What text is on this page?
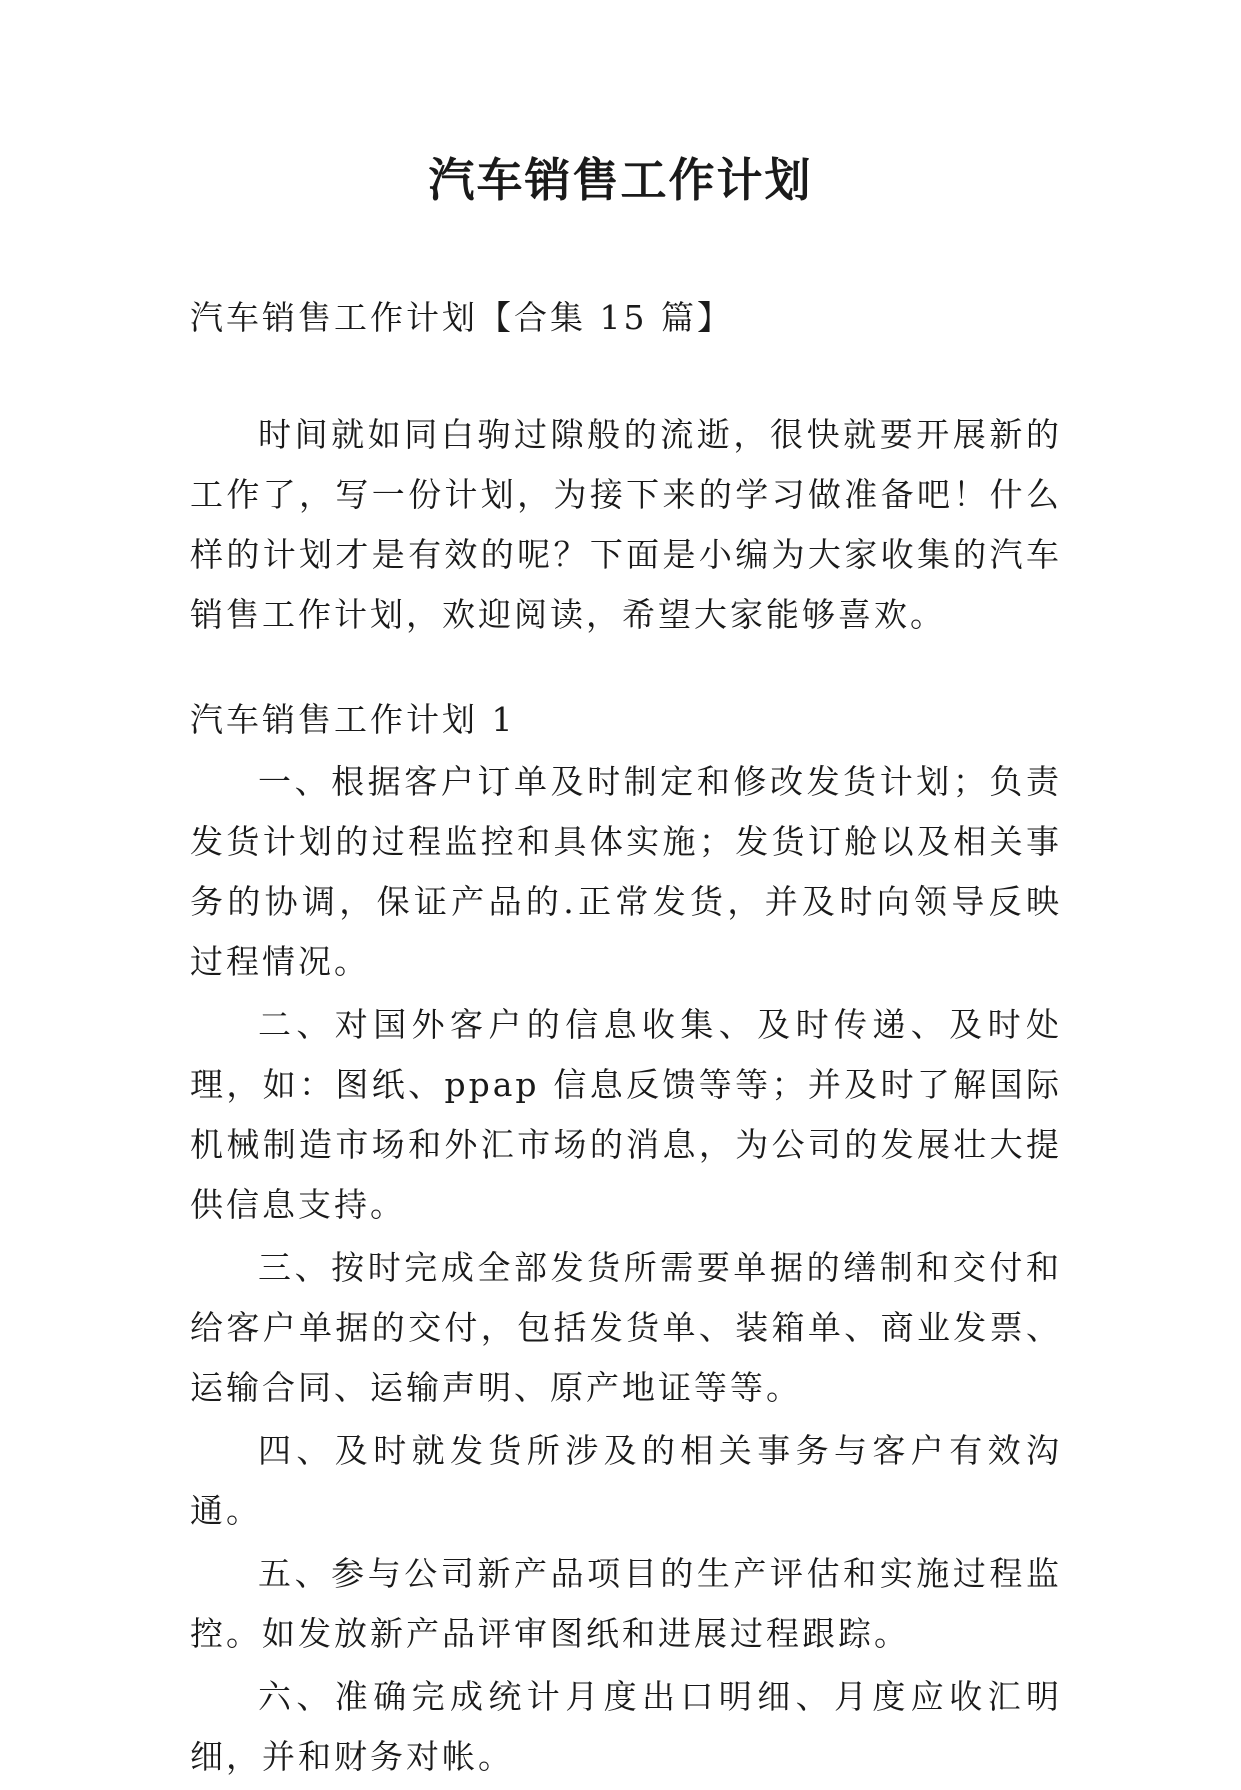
汽车销售工作计划
汽车销售工作计划【合集 15 篇】

时间就如同白驹过隙般的流逝，很快就要开展新的工作了，写一份计划，为接下来的学习做准备吧！什么样的计划才是有效的呢？下面是小编为大家收集的汽车销售工作计划，欢迎阅读，希望大家能够喜欢。

汽车销售工作计划 1

一、根据客户订单及时制定和修改发货计划；负责发货计划的过程监控和具体实施；发货订舱以及相关事务的协调，保证产品的.正常发货，并及时向领导反映过程情况。

二、对国外客户的信息收集、及时传递、及时处理，如：图纸、ppap 信息反馈等等；并及时了解国际机械制造市场和外汇市场的消息，为公司的发展壮大提供信息支持。

三、按时完成全部发货所需要单据的缮制和交付和给客户单据的交付，包括发货单、装箱单、商业发票、运输合同、运输声明、原产地证等等。

四、及时就发货所涉及的相关事务与客户有效沟通。

五、参与公司新产品项目的生产评估和实施过程监控。如发放新产品评审图纸和进展过程跟踪。

六、准确完成统计月度出口明细、月度应收汇明细，并和财务对帐。
